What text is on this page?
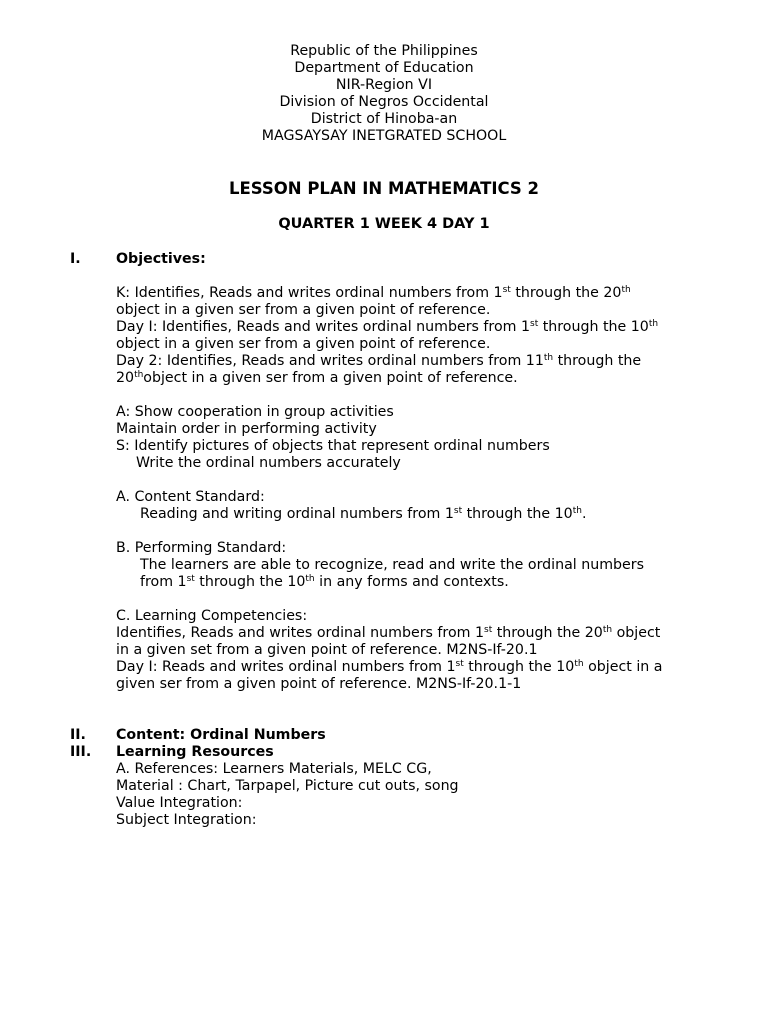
Republic of the Philippines
Department of Education
NIR-Region VI
Division of Negros Occidental
District of Hinoba-an
MAGSAYSAY INETGRATED SCHOOL
LESSON PLAN IN MATHEMATICS 2
QUARTER 1 WEEK 4 DAY 1
I. Objectives:
K: Identifies, Reads and writes ordinal numbers from 1st through the 20th
object in a given ser from a given point of reference.
Day I: Identifies, Reads and writes ordinal numbers from 1st through the 10th
object in a given ser from a given point of reference.
Day 2: Identifies, Reads and writes ordinal numbers from 11th through the
20thobject in a given ser from a given point of reference.
A: Show cooperation in group activities
Maintain order in performing activity
S: Identify pictures of objects that represent ordinal numbers
Write the ordinal numbers accurately
A. Content Standard:
Reading and writing ordinal numbers from 1st through the 10th.
B. Performing Standard:
The learners are able to recognize, read and write the ordinal numbers
from 1st through the 10th in any forms and contexts.
C. Learning Competencies:
Identifies, Reads and writes ordinal numbers from 1st through the 20th object
in a given set from a given point of reference. M2NS-If-20.1
Day I: Reads and writes ordinal numbers from 1st through the 10th object in a
given ser from a given point of reference. M2NS-If-20.1-1
II. Content: Ordinal Numbers
III. Learning Resources
A. References: Learners Materials, MELC CG,
Material : Chart, Tarpapel, Picture cut outs, song
Value Integration:
Subject Integration:
